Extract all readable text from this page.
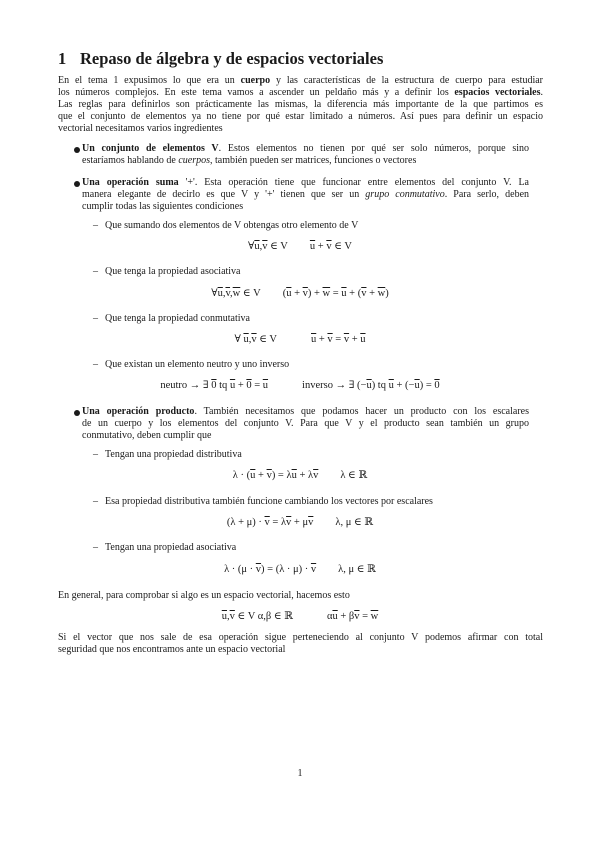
1 Repaso de álgebra y de espacios vectoriales
En el tema 1 expusimos lo que era un cuerpo y las características de la estructura de cuerpo para estudiar
los números complejos. En este tema vamos a ascender un peldaño más y a definir los espacios vectoriales.
Las reglas para definirlos son prácticamente las mismas, la diferencia más importante de la que partimos es
que el conjunto de elementos ya no tiene por qué estar limitado a números. Así pues para definir un espacio
vectorial necesitamos varios ingredientes
Un conjunto de elementos V. Estos elementos no tienen por qué ser solo números, porque sino
estaríamos hablando de cuerpos, también pueden ser matrices, funciones o vectores
Una operación suma '+'. Esta operación tiene que funcionar entre elementos del conjunto V. La
manera elegante de decirlo es que V y '+' tienen que ser un grupo conmutativo. Para serlo, deben
cumplir todas las siguientes condiciones
– Que sumando dos elementos de V obtengas otro elemento de V
$\forall\overline{u},\overline{v}$ ∈ V $\overline{u} + \overline{v}$ ∈ V
– Que tenga la propiedad asociativa
$\forall\overline{u},\overline{v},\overline{w}$ ∈ V $(\overline{u} + \overline{v}) + \overline{w} = \overline{u} + (\overline{v} + \overline{w})$
– Que tenga la propiedad conmutativa
∀ $\overline{u},\overline{v}$ ∈ V	$\overline{u} + \overline{v} = \overline{v} + \overline{u}$
– Que existan un elemento neutro y uno inverso
neutro → ∃ 0 tq $\overline{u} + 0 = \overline{u}$	inverso → ∃ $(-\overline{u})$ tq $\overline{u} + (-\overline{u}) = 0$
Una operación producto. También necesitamos que podamos hacer un producto con los escalares
de un cuerpo y los elementos del conjunto V. Para que V y el producto sean también un grupo
conmutativo, deben cumplir que
– Tengan una propiedad distributiva
$\lambda \cdot (\overline{u} + \overline{v}) = \lambda\overline{u} + \lambda\overline{v}$ λ ∈ ℝ
– Esa propiedad distributiva también funcione cambiando los vectores por escalares
$(\lambda + \mu) \cdot \overline{v} = \lambda\overline{v} + \mu\overline{v}$ λ, μ ∈ ℝ
– Tengan una propiedad asociativa
$\lambda \cdot (\mu \cdot \overline{v}) = (\lambda \cdot \mu) \cdot \overline{v}$ λ, μ ∈ ℝ
En general, para comprobar si algo es un espacio vectorial, hacemos esto
$\overline{u},\overline{v}$ ∈ V α,β ∈ ℝ	$\alpha\overline{u} + \beta\overline{v} = \overline{w}$
Si el vector que nos sale de esa operación sigue perteneciendo al conjunto V podemos afirmar con total
seguridad que nos encontramos ante un espacio vectorial
1
